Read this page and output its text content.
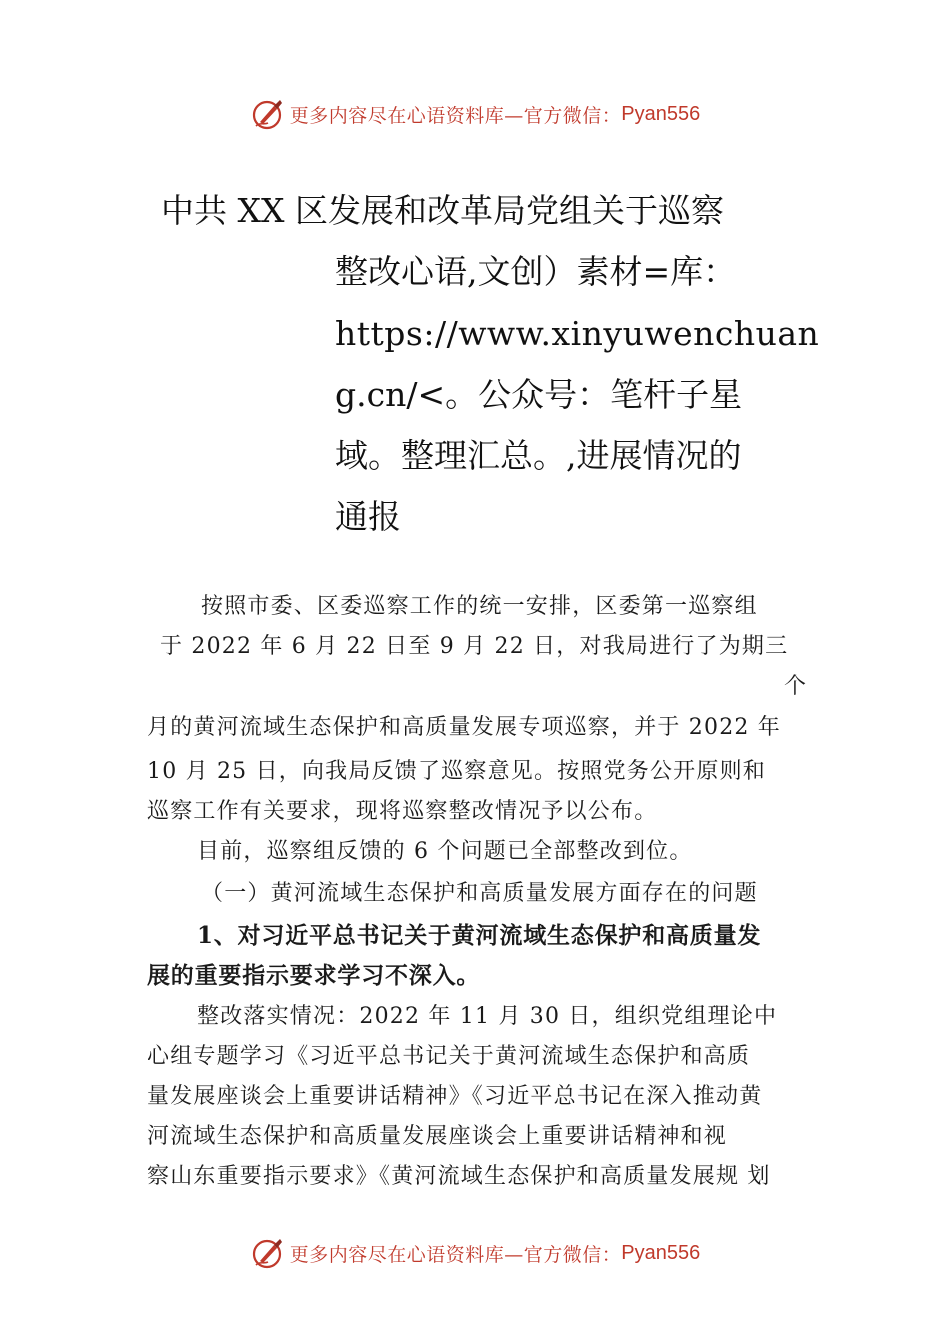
更多内容尽在心语资料库—官方微信： Pyan556
中共 XX 区发展和改革局党组关于巡察
整改心语,文创）素材=库：
https://www.xinyuwenchuan
g.cn/<。公众号：笔杆子星
域。整理汇总。,进展情况的
通报
按照市委、区委巡察工作的统一安排，区委第一巡察组
于 2022 年 6 月 22 日至 9 月 22 日，对我局进行了为期三
个
月的黄河流域生态保护和高质量发展专项巡察，并于 2022 年
10 月 25 日，向我局反馈了巡察意见。按照党务公开原则和
巡察工作有关要求，现将巡察整改情况予以公布。
目前，巡察组反馈的 6 个问题已全部整改到位。
（一）黄河流域生态保护和高质量发展方面存在的问题
1、对习近平总书记关于黄河流域生态保护和高质量发
展的重要指示要求学习不深入。
整改落实情况：2022 年 11 月 30 日，组织党组理论中
心组专题学习《习近平总书记关于黄河流域生态保护和高质
量发展座谈会上重要讲话精神》《习近平总书记在深入推动黄
河流域生态保护和高质量发展座谈会上重要讲话精神和视
察山东重要指示要求》《黄河流域生态保护和高质量发展规 划
更多内容尽在心语资料库—官方微信： Pyan556
